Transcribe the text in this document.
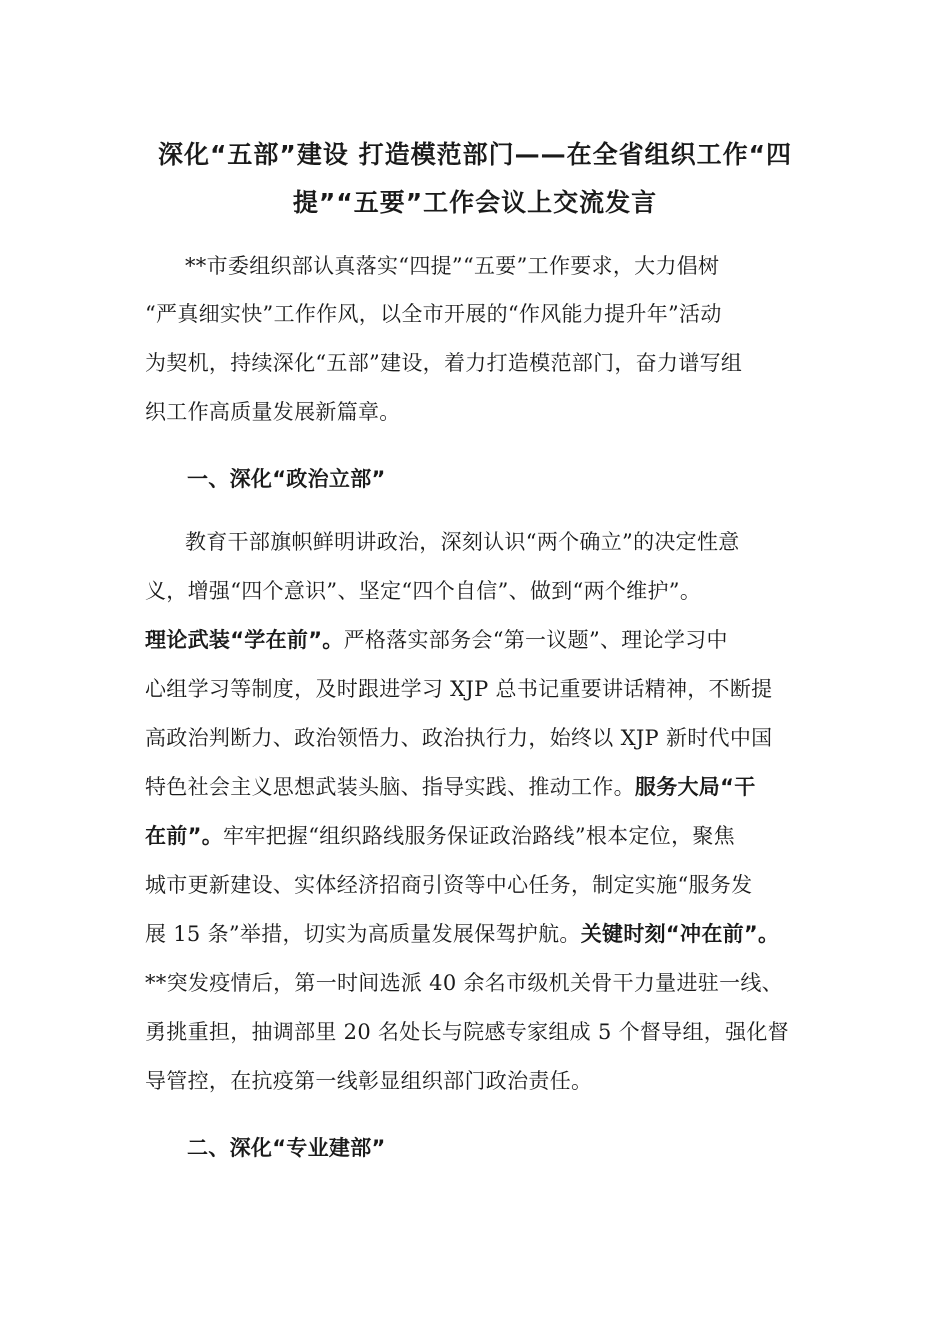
深化“五部”建设 打造模范部门——在全省组织工作“四
提”“五要”工作会议上交流发言
**市委组织部认真落实“四提”“五要”工作要求，大力倡树
“严真细实快”工作作风，以全市开展的“作风能力提升年”活动
为契机，持续深化“五部”建设，着力打造模范部门，奋力谱写组
织工作高质量发展新篇章。
一、深化“政治立部”
教育干部旗帜鲜明讲政治，深刻认识“两个确立”的决定性意
义，增强“四个意识”、坚定“四个自信”、做到“两个维护”。
理论武装“学在前”。严格落实部务会“第一议题”、理论学习中
心组学习等制度，及时跟进学习 XJP 总书记重要讲话精神，不断提
高政治判断力、政治领悟力、政治执行力，始终以 XJP 新时代中国
特色社会主义思想武装头脑、指导实践、推动工作。服务大局“干
在前”。牢牢把握“组织路线服务保证政治路线”根本定位，聚焦
城市更新建设、实体经济招商引资等中心任务，制定实施“服务发
展 15 条”举措，切实为高质量发展保驾护航。关键时刻“冲在前”。
**突发疫情后，第一时间选派 40 余名市级机关骨干力量进驻一线、
勇挑重担，抽调部里 20 名处长与院感专家组成 5 个督导组，强化督
导管控，在抗疫第一线彰显组织部门政治责任。
二、深化“专业建部”
